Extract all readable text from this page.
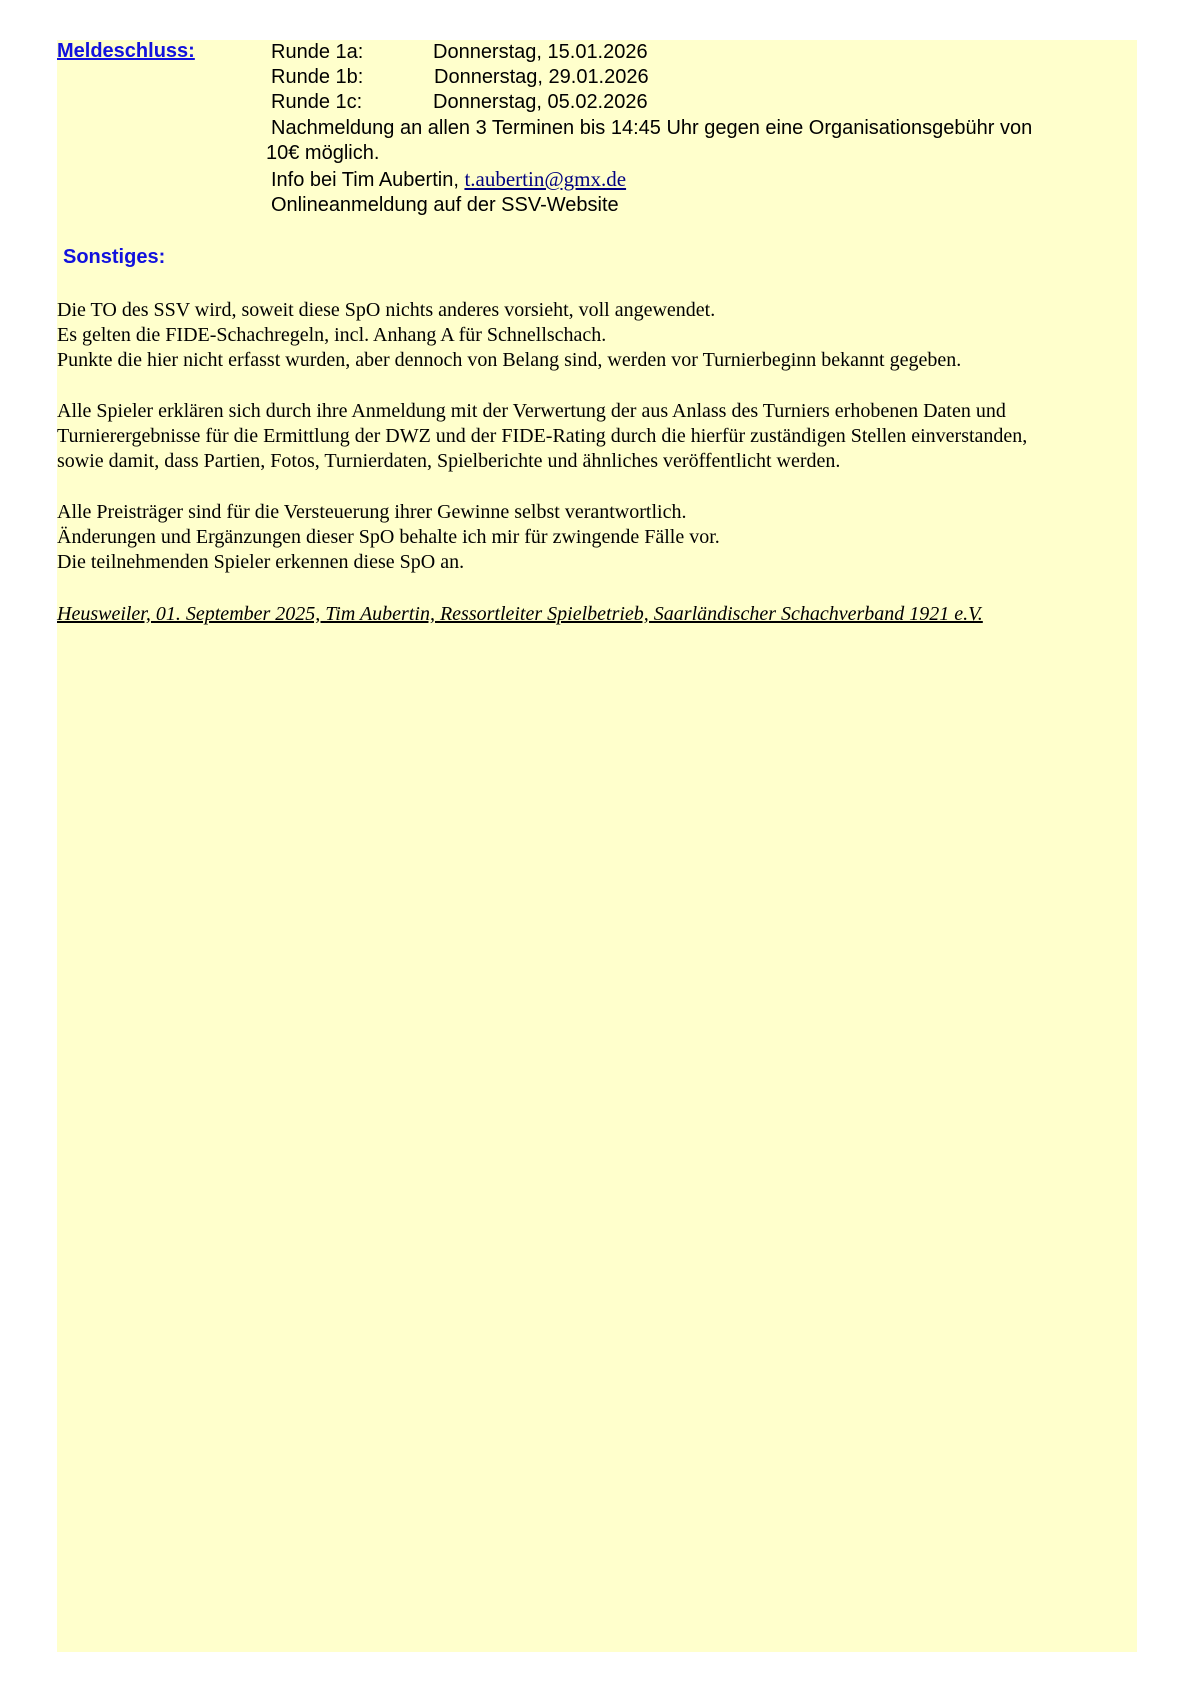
Meldeschluss:	Runde 1a:	Donnerstag, 15.01.2026
Runde 1b:	Donnerstag, 29.01.2026
Runde 1c:	Donnerstag, 05.02.2026
Nachmeldung an allen 3 Terminen bis 14:45 Uhr gegen eine Organisationsgebühr von
10€ möglich.
Info bei Tim Aubertin, t.aubertin@gmx.de
Onlineanmeldung auf der SSV-Website
Sonstiges:
Die TO des SSV wird, soweit diese SpO nichts anderes vorsieht, voll angewendet.
Es gelten die FIDE-Schachregeln, incl. Anhang A für Schnellschach.
Punkte die hier nicht erfasst wurden, aber dennoch von Belang sind, werden vor Turnierbeginn bekannt gegeben.
Alle Spieler erklären sich durch ihre Anmeldung mit der Verwertung der aus Anlass des Turniers erhobenen Daten und
Turnierergebnisse für die Ermittlung der DWZ und der FIDE-Rating durch die hierfür zuständigen Stellen einverstanden,
sowie damit, dass Partien, Fotos, Turnierdaten, Spielberichte und ähnliches veröffentlicht werden.
Alle Preisträger sind für die Versteuerung ihrer Gewinne selbst verantwortlich.
Änderungen und Ergänzungen dieser SpO behalte ich mir für zwingende Fälle vor.
Die teilnehmenden Spieler erkennen diese SpO an.
Heusweiler, 01. September 2025, Tim Aubertin, Ressortleiter Spielbetrieb, Saarländischer Schachverband 1921 e.V.
